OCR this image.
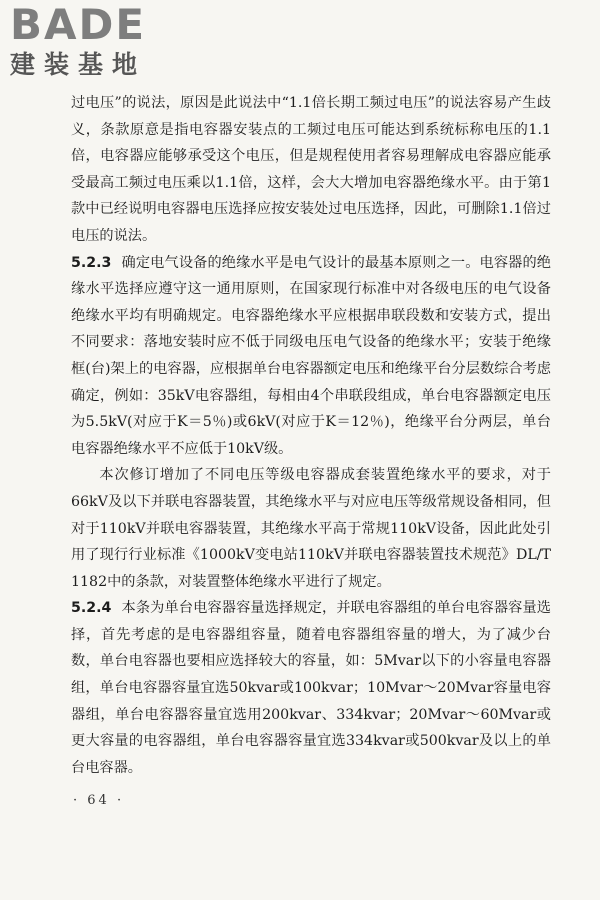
BADE
建装基地

过电压”的说法，原因是此说法中“1.1倍长期工频过电压”的说法容易产生歧义，条款原意是指电容器安装点的工频过电压可能达到系统标称电压的1.1倍，电容器应能够承受这个电压，但是规程使用者容易理解成电容器应能承受最高工频过电压乘以1.1倍，这样，会大大增加电容器绝缘水平。由于第1款中已经说明电容器电压选择应按安装处过电压选择，因此，可删除1.1倍过电压的说法。

5.2.3 确定电气设备的绝缘水平是电气设计的最基本原则之一。电容器的绝缘水平选择应遵守这一通用原则，在国家现行标准中对各级电压的电气设备绝缘水平均有明确规定。电容器绝缘水平应根据串联段数和安装方式，提出不同要求：落地安装时应不低于同级电压电气设备的绝缘水平；安装于绝缘框(台)架上的电容器，应根据单台电容器额定电压和绝缘平台分层数综合考虑确定，例如：35kV电容器组，每相由4个串联段组成，单台电容器额定电压为5.5kV(对应于K＝5％)或6kV(对应于K＝12％)，绝缘平台分两层，单台电容器绝缘水平不应低于10kV级。

本次修订增加了不同电压等级电容器成套装置绝缘水平的要求，对于66kV及以下并联电容器装置，其绝缘水平与对应电压等级常规设备相同，但对于110kV并联电容器装置，其绝缘水平高于常规110kV设备，因此此处引用了现行行业标准《1000kV变电站110kV并联电容器装置技术规范》DL/T 1182中的条款，对装置整体绝缘水平进行了规定。

5.2.4 本条为单台电容器容量选择规定，并联电容器组的单台电容器容量选择，首先考虑的是电容器组容量，随着电容器组容量的增大，为了减少台数，单台电容器也要相应选择较大的容量，如：5Mvar以下的小容量电容器组，单台电容器容量宜选50kvar或100kvar；10Mvar～20Mvar容量电容器组，单台电容器容量宜选用200kvar、334kvar；20Mvar～60Mvar或更大容量的电容器组，单台电容器容量宜选334kvar或500kvar及以上的单台电容器。

· 64 ·
